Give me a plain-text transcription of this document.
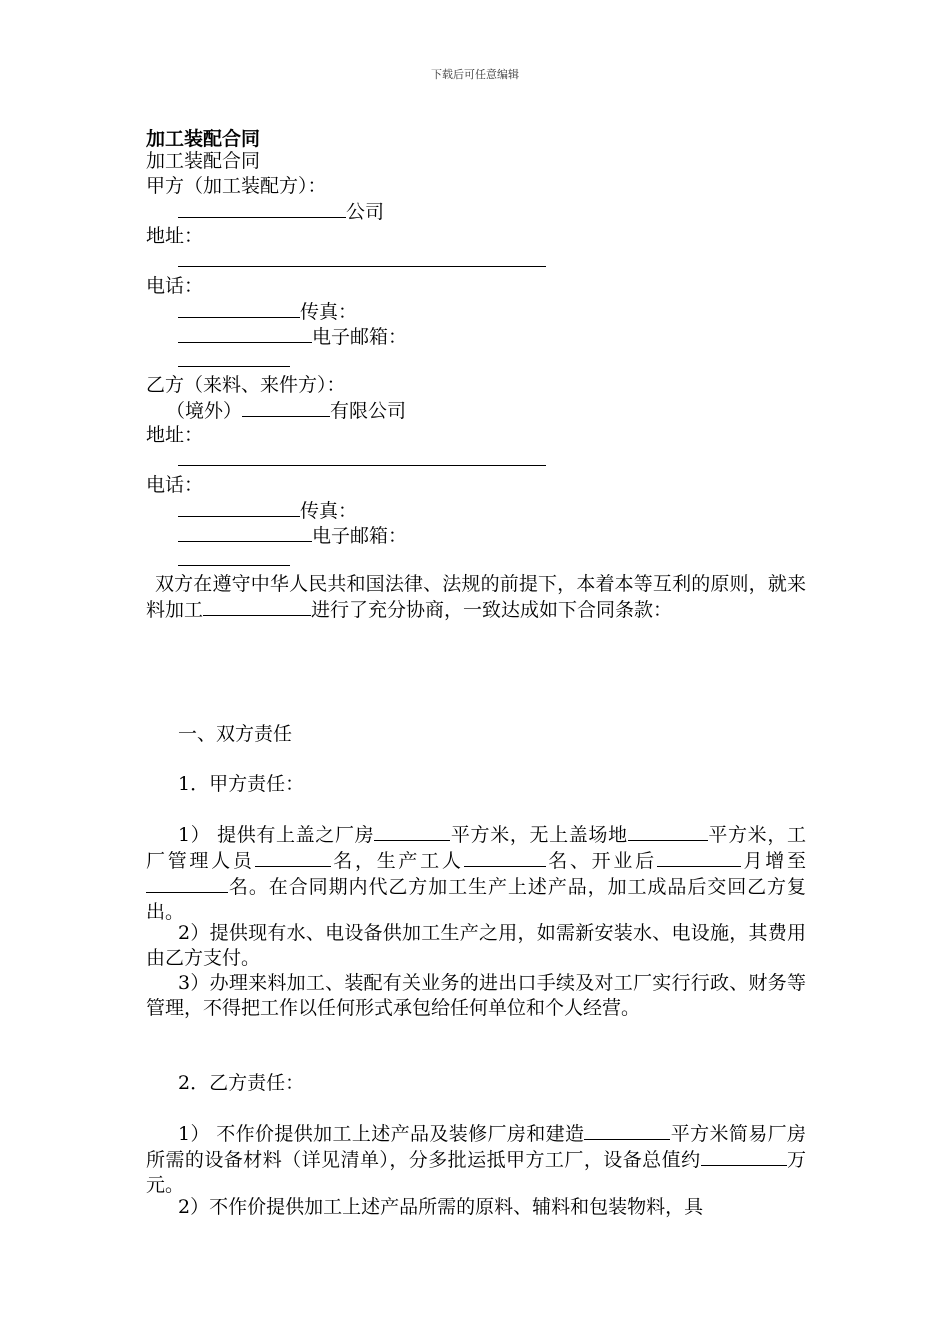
下载后可任意编辑
加工装配合同
加工装配合同
甲方（加工装配方）：
公司
地址：
电话：
传真：
电子邮箱：
乙方（来料、来件方）：
（境外）	有限公司
地址：
电话：
传真：
电子邮箱：
双方在遵守中华人民共和国法律、法规的前提下，本着本等互利的原则，就来料加工	进行了充分协商，一致达成如下合同条款：
一、双方责任
1．甲方责任：
1） 提供有上盖之厂房	平方米，无上盖场地	平方米，工厂管理人员	名，生产工人	名、开业后	月增至名。在合同期内代乙方加工生产上述产品，加工成品后交回乙方复出。
2）提供现有水、电设备供加工生产之用，如需新安装水、电设施，其费用由乙方支付。
3）办理来料加工、装配有关业务的进出口手续及对工厂实行行政、财务等管理，不得把工作以任何形式承包给任何单位和个人经营。
2．乙方责任：
1） 不作价提供加工上述产品及装修厂房和建造	平方米简易厂房所需的设备材料（详见清单），分多批运抵甲方工厂，设备总值约	万元。
2）不作价提供加工上述产品所需的原料、辅料和包装物料，具
